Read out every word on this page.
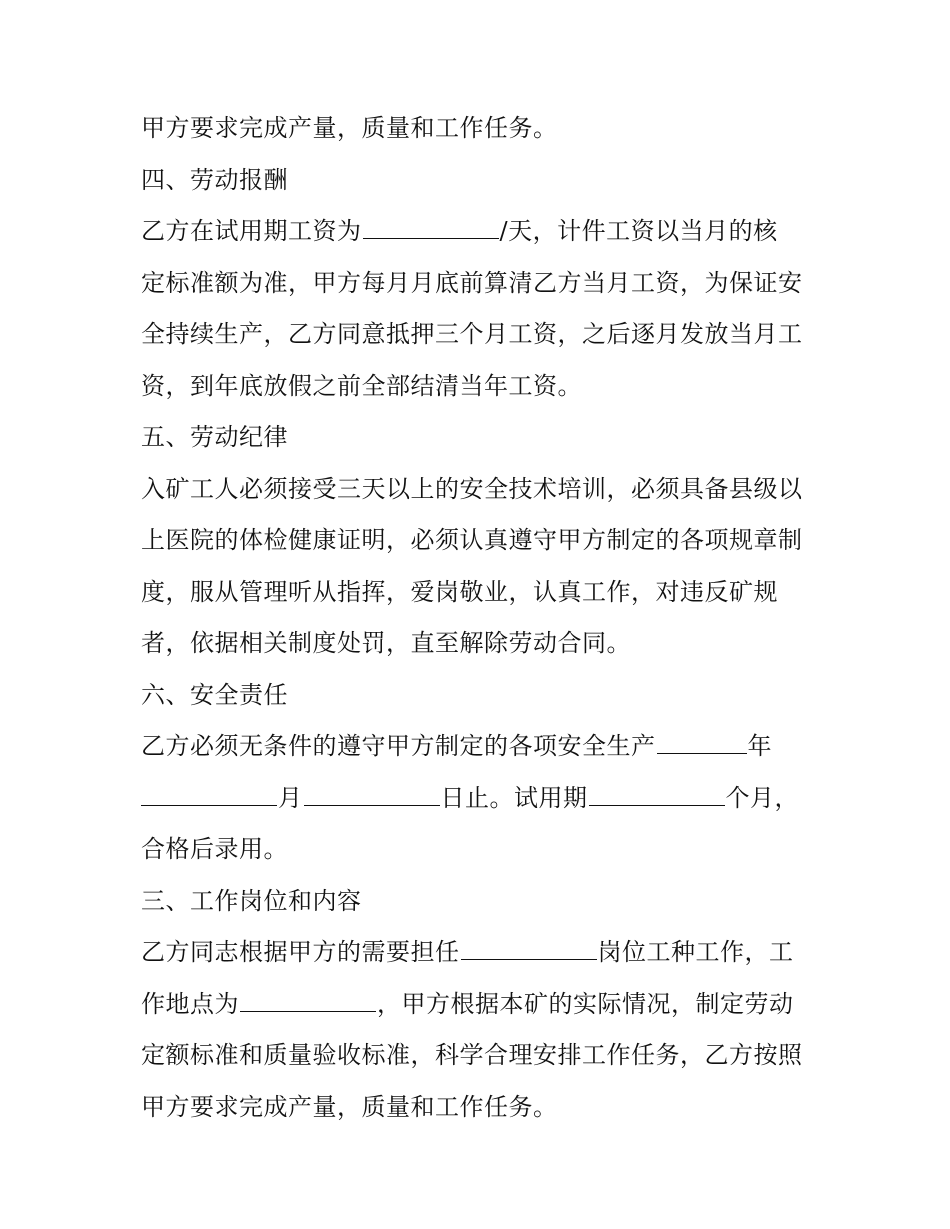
甲方要求完成产量，质量和工作任务。
四、劳动报酬
乙方在试用期工资为	/天，计件工资以当月的核
定标准额为准，甲方每月月底前算清乙方当月工资，为保证安
全持续生产，乙方同意抵押三个月工资，之后逐月发放当月工
资，到年底放假之前全部结清当年工资。
五、劳动纪律
入矿工人必须接受三天以上的安全技术培训，必须具备县级以
上医院的体检健康证明，必须认真遵守甲方制定的各项规章制
度，服从管理听从指挥，爱岗敬业，认真工作，对违反矿规
者，依据相关制度处罚，直至解除劳动合同。
六、安全责任
乙方必须无条件的遵守甲方制定的各项安全生产	年
月	日止。试用期	个月，
合格后录用。
三、工作岗位和内容
乙方同志根据甲方的需要担任	岗位工种工作，工
作地点为	，甲方根据本矿的实际情况，制定劳动
定额标准和质量验收标准，科学合理安排工作任务，乙方按照
甲方要求完成产量，质量和工作任务。
